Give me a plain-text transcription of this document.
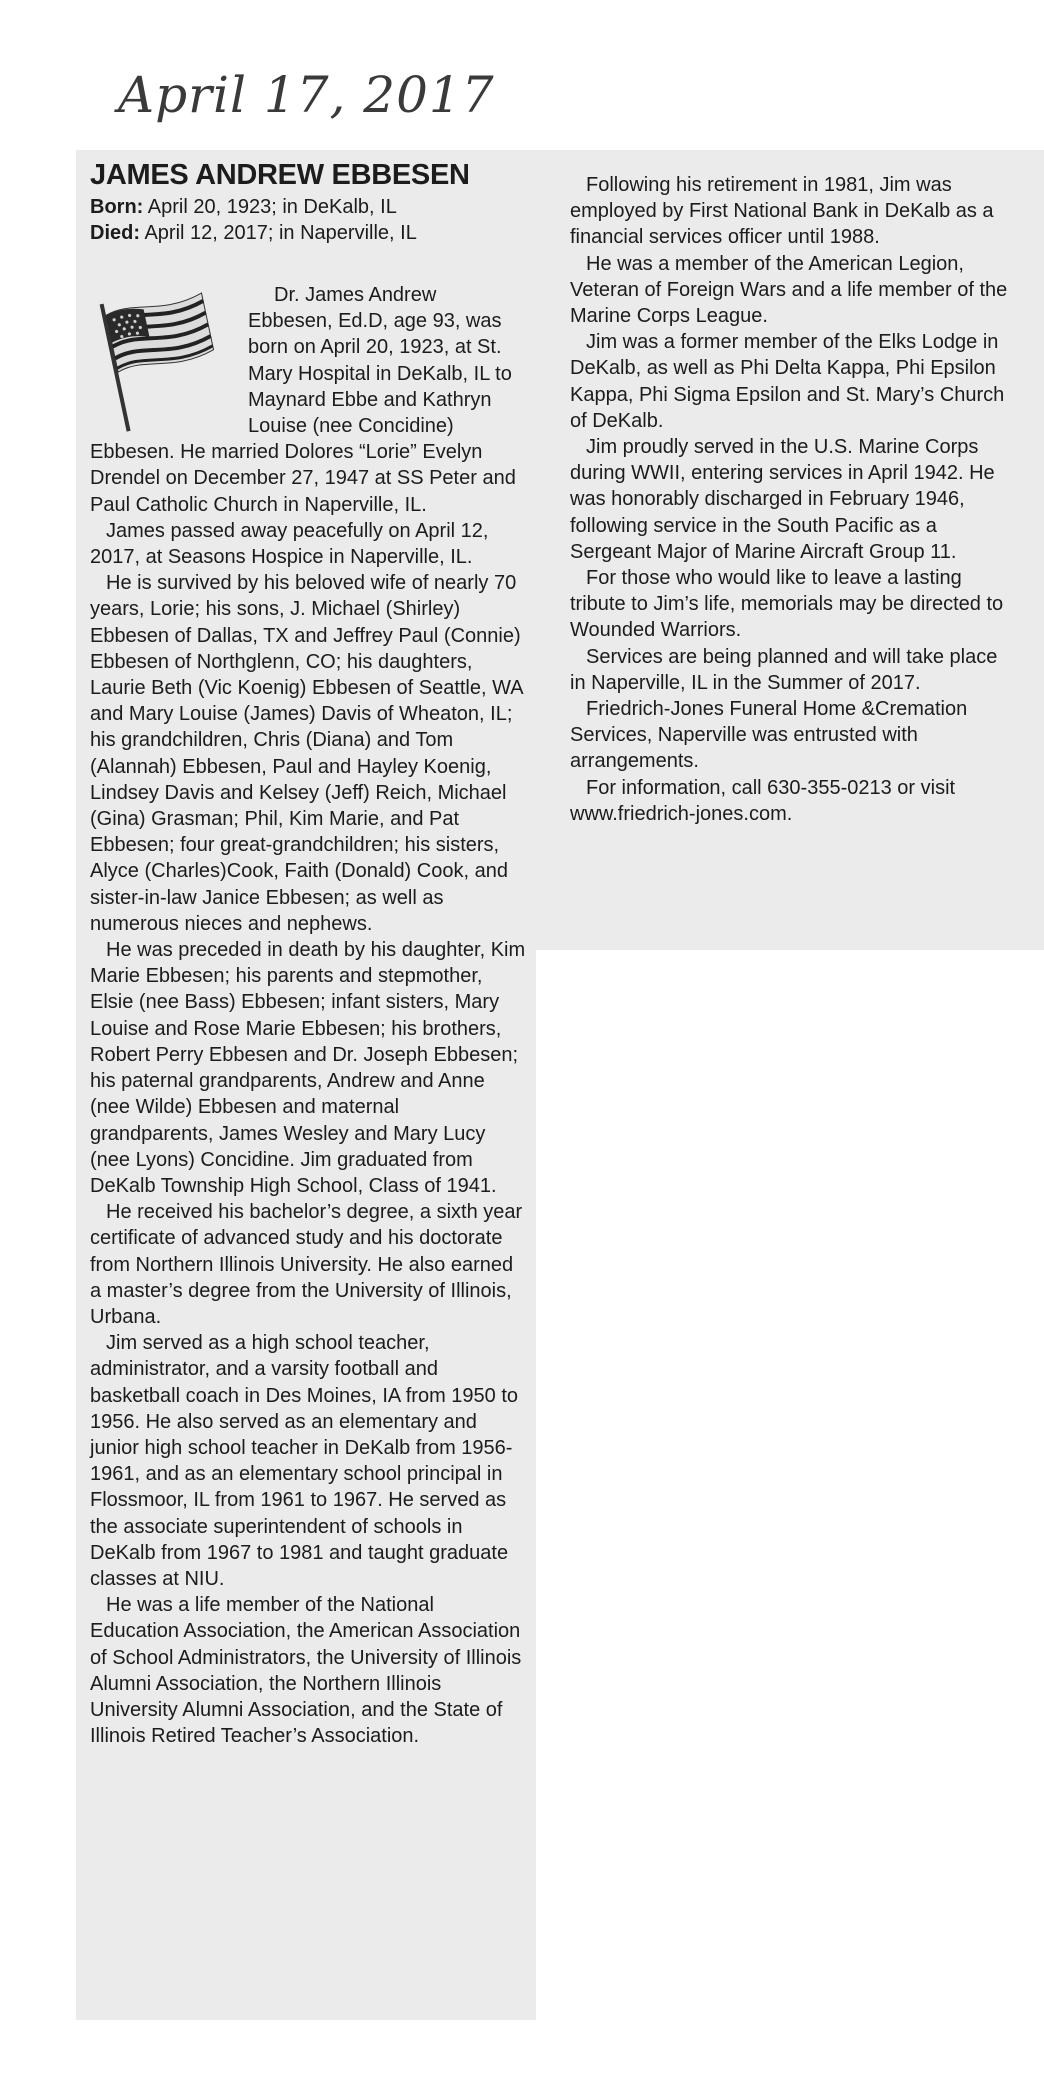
April 17, 2017
JAMES ANDREW EBBESEN
Born: April 20, 1923; in DeKalb, IL
Died: April 12, 2017; in Naperville, IL

Dr. James Andrew Ebbesen, Ed.D, age 93, was born on April 20, 1923, at St. Mary Hospital in DeKalb, IL to Maynard Ebbe and Kathryn Louise (nee Concidine) Ebbesen. He married Dolores “Lorie” Evelyn Drendel on December 27, 1947 at SS Peter and Paul Catholic Church in Naperville, IL.

James passed away peacefully on April 12, 2017, at Seasons Hospice in Naperville, IL.

He is survived by his beloved wife of nearly 70 years, Lorie; his sons, J. Michael (Shirley) Ebbesen of Dallas, TX and Jeffrey Paul (Connie) Ebbesen of Northglenn, CO; his daughters, Laurie Beth (Vic Koenig) Ebbesen of Seattle, WA and Mary Louise (James) Davis of Wheaton, IL; his grandchildren, Chris (Diana) and Tom (Alannah) Ebbesen, Paul and Hayley Koenig, Lindsey Davis and Kelsey (Jeff) Reich, Michael (Gina) Grasman; Phil, Kim Marie, and Pat Ebbesen; four great-grandchildren; his sisters, Alyce (Charles)Cook, Faith (Donald) Cook, and sister-in-law Janice Ebbesen; as well as numerous nieces and nephews.

He was preceded in death by his daughter, Kim Marie Ebbesen; his parents and stepmother, Elsie (nee Bass) Ebbesen; infant sisters, Mary Louise and Rose Marie Ebbesen; his brothers, Robert Perry Ebbesen and Dr. Joseph Ebbesen; his paternal grandparents, Andrew and Anne (nee Wilde) Ebbesen and maternal grandparents, James Wesley and Mary Lucy (nee Lyons) Concidine. Jim graduated from DeKalb Township High School, Class of 1941.

He received his bachelor’s degree, a sixth year certificate of advanced study and his doctorate from Northern Illinois University. He also earned a master’s degree from the University of Illinois, Urbana.

Jim served as a high school teacher, administrator, and a varsity football and basketball coach in Des Moines, IA from 1950 to 1956. He also served as an elementary and junior high school teacher in DeKalb from 1956-1961, and as an elementary school principal in Flossmoor, IL from 1961 to 1967. He served as the associate superintendent of schools in DeKalb from 1967 to 1981 and taught graduate classes at NIU.

He was a life member of the National Education Association, the American Association of School Administrators, the University of Illinois Alumni Association, the Northern Illinois University Alumni Association, and the State of Illinois Retired Teacher’s Association.

Following his retirement in 1981, Jim was employed by First National Bank in DeKalb as a financial services officer until 1988.

He was a member of the American Legion, Veteran of Foreign Wars and a life member of the Marine Corps League.

Jim was a former member of the Elks Lodge in DeKalb, as well as Phi Delta Kappa, Phi Epsilon Kappa, Phi Sigma Epsilon and St. Mary’s Church of DeKalb.

Jim proudly served in the U.S. Marine Corps during WWII, entering services in April 1942. He was honorably discharged in February 1946, following service in the South Pacific as a Sergeant Major of Marine Aircraft Group 11.

For those who would like to leave a lasting tribute to Jim’s life, memorials may be directed to Wounded Warriors.

Services are being planned and will take place in Naperville, IL in the Summer of 2017.

Friedrich-Jones Funeral Home &Cremation Services, Naperville was entrusted with arrangements.

For information, call 630-355-0213 or visit www.friedrich-jones.com.
